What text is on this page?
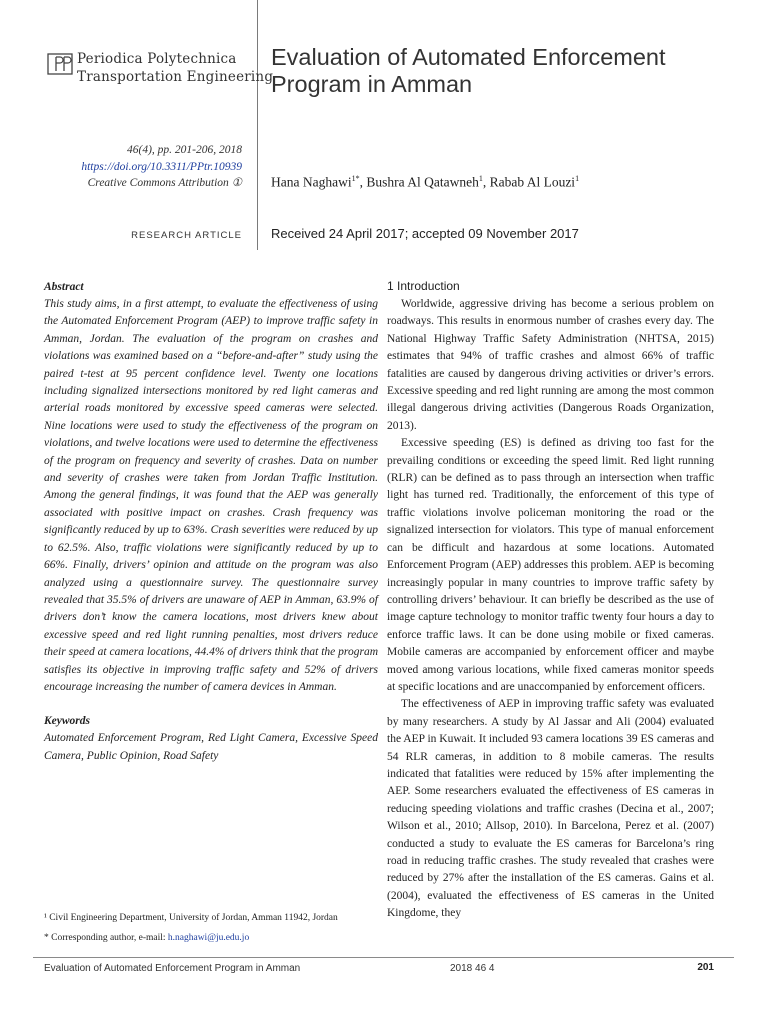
Periodica Polytechnica
Transportation Engineering
Evaluation of Automated Enforcement
Program in Amman
46(4), pp. 201-206, 2018
https://doi.org/10.3311/PPtr.10939
Creative Commons Attribution ① Hana Naghawi$^{1*}$, Bushra Al Qatawneh$^1$, Rabab Al Louzi$^1$
RESEARCH ARTICLE Received 24 April 2017; accepted 09 November 2017
Abstract

This study aims, in a first attempt, to evaluate the effectiveness of using the Automated Enforcement Program (AEP) to improve traffic safety in Amman, Jordan. The evaluation of the program on crashes and violations was examined based on a “before-and-after” study using the paired t-test at 95 percent confidence level. Twenty one locations including signalized intersections monitored by red light cameras and arterial roads monitored by excessive speed cameras were selected. Nine locations were used to study the effectiveness of the program on violations, and twelve locations were used to determine the effectiveness of the program on frequency and severity of crashes. Data on number and severity of crashes were taken from Jordan Traffic Institution. Among the general findings, it was found that the AEP was generally associated with positive impact on crashes. Crash frequency was significantly reduced by up to 63%. Crash severities were reduced by up to 62.5%. Also, traffic violations were significantly reduced by up to 66%. Finally, drivers’ opinion and attitude on the program was also analyzed using a questionnaire survey. The questionnaire survey revealed that 35.5% of drivers are unaware of AEP in Amman, 63.9% of drivers don’t know the camera locations, most drivers knew about excessive speed and red light running penalties, most drivers reduce their speed at camera locations, 44.4% of drivers think that the program satisfies its objective in improving traffic safety and 52% of drivers encourage increasing the number of camera devices in Amman.

Keywords

Automated Enforcement Program, Red Light Camera, Excessive Speed Camera, Public Opinion, Road Safety

¹ Civil Engineering Department, University of Jordan, Amman 11942, Jordan
* Corresponding author, e-mail: h.naghawi@ju.edu.jo
1 Introduction

Worldwide, aggressive driving has become a serious problem on roadways. This results in enormous number of crashes every day. The National Highway Traffic Safety Administration (NHTSA, 2015) estimates that 94% of traffic crashes and almost 66% of traffic fatalities are caused by dangerous driving activities or driver’s errors. Excessive speeding and red light running are among the most common illegal dangerous driving activities (Dangerous Roads Organization, 2013).

Excessive speeding (ES) is defined as driving too fast for the prevailing conditions or exceeding the speed limit. Red light running (RLR) can be defined as to pass through an intersection when traffic light has turned red. Traditionally, the enforcement of this type of traffic violations involve policeman monitoring the road or the signalized intersection for violators. This type of manual enforcement can be difficult and hazardous at some locations. Automated Enforcement Program (AEP) addresses this problem. AEP is becoming increasingly popular in many countries to improve traffic safety by controlling drivers’ behaviour. It can briefly be described as the use of image capture technology to monitor traffic twenty four hours a day to enforce traffic laws. It can be done using mobile or fixed cameras. Mobile cameras are accompanied by enforcement officer and maybe moved among various locations, while fixed cameras monitor speeds at specific locations and are unaccompanied by enforcement officers.

The effectiveness of AEP in improving traffic safety was evaluated by many researchers. A study by Al Jassar and Ali (2004) evaluated the AEP in Kuwait. It included 93 camera locations 39 ES cameras and 54 RLR cameras, in addition to 8 mobile cameras. The results indicated that fatalities were reduced by 15% after implementing the AEP. Some researchers evaluated the effectiveness of ES cameras in reducing speeding violations and traffic crashes (Decina et al., 2007; Wilson et al., 2010; Allsop, 2010). In Barcelona, Perez et al. (2007) conducted a study to evaluate the ES cameras for Barcelona’s ring road in reducing traffic crashes. The study revealed that crashes were reduced by 27% after the installation of the ES cameras. Gains et al. (2004), evaluated the effectiveness of ES cameras in the United Kingdome, they

Evaluation of Automated Enforcement Program in Amman	2018 46 4	201
